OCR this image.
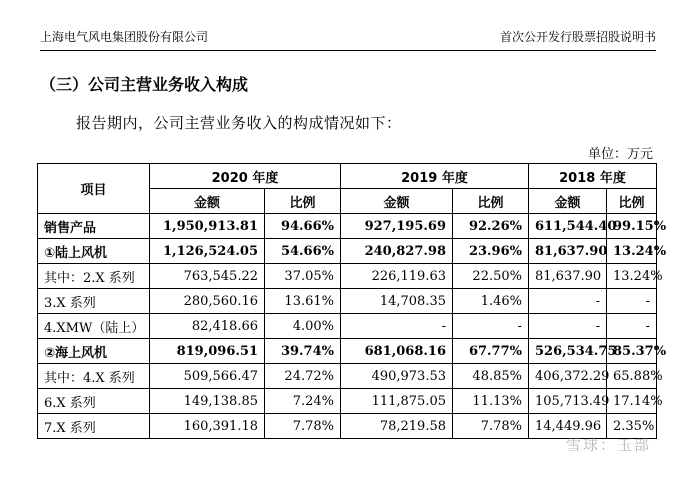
上海电气风电集团股份有限公司	首次公开发行股票招股说明书
（三）公司主营业务收入构成
报告期内，公司主营业务收入的构成情况如下：
单位：万元
项目	2020 年度		2019 年度		2018 年度	
	金额	比例	金额	比例	金额	比例
销售产品	1,950,913.81	94.66%	927,195.69	92.26%	611,544.40	99.15%
①陆上风机	1,126,524.05	54.66%	240,827.98	23.96%	81,637.90	13.24%
其中：2.X 系列	763,545.22	37.05%	226,119.63	22.50%	81,637.90	13.24%
3.X 系列	280,560.16	13.61%	14,708.35	1.46%	-	-
4.XMW（陆上）	82,418.66	4.00%	-	-	-	-
②海上风机	819,096.51	39.74%	681,068.16	67.77%	526,534.75	85.37%
其中：4.X 系列	509,566.47	24.72%	490,973.53	48.85%	406,372.29	65.88%
6.X 系列	149,138.85	7.24%	111,875.05	11.13%	105,713.49	17.14%
7.X 系列	160,391.18	7.78%	78,219.58	7.78%	14,449.96	2.35%
雪球：玉部
